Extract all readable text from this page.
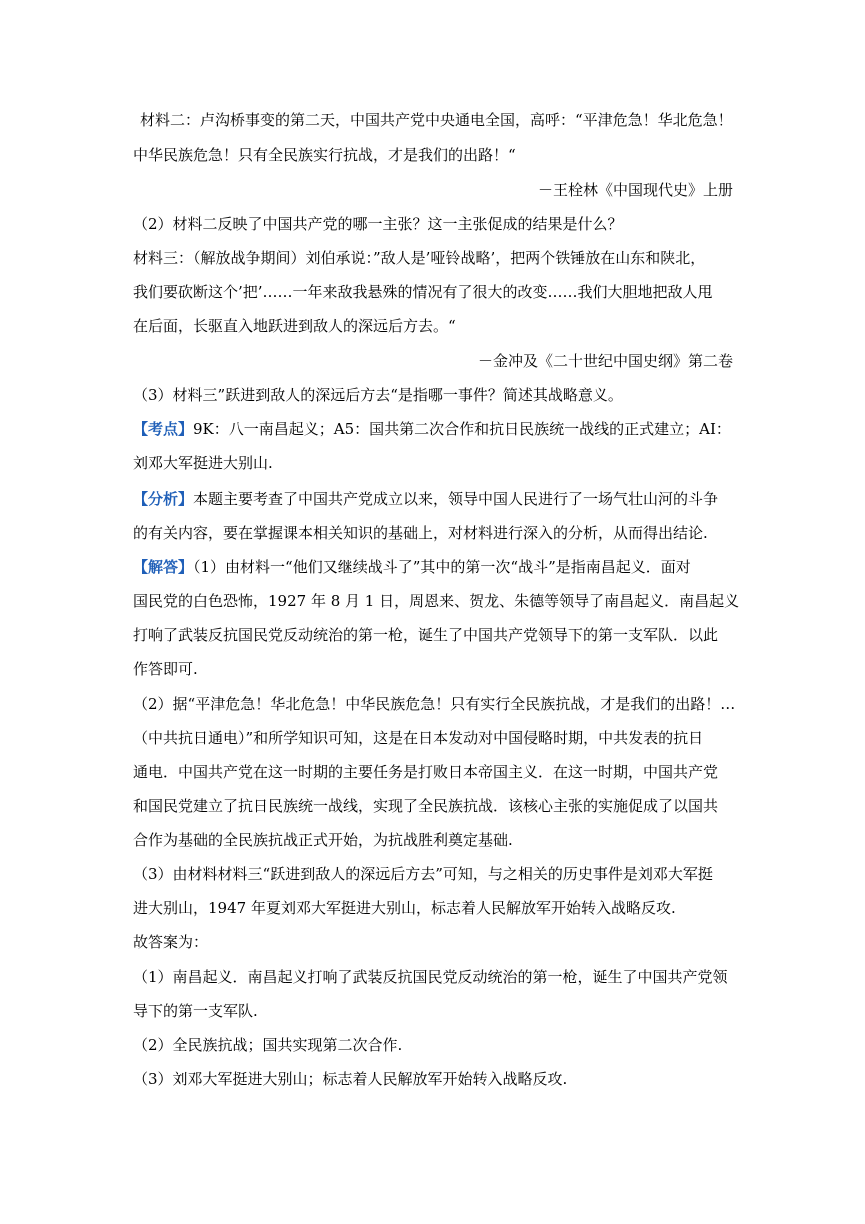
材料二：卢沟桥事变的第二天，中国共产党中央通电全国，高呼：“平津危急！华北危急！
中华民族危急！只有全民族实行抗战，才是我们的出路！“
－王栓林《中国现代史》上册
（2）材料二反映了中国共产党的哪一主张？这一主张促成的结果是什么？
材料三：（解放战争期间）刘伯承说：”敌人是’哑铃战略’，把两个铁锤放在山东和陕北，
我们要砍断这个’把’……一年来敌我悬殊的情况有了很大的改变……我们大胆地把敌人甩
在后面，长驱直入地跃进到敌人的深远后方去。“
－金冲及《二十世纪中国史纲》第二卷
（3）材料三”跃进到敌人的深远后方去“是指哪一事件？简述其战略意义。
【考点】9K：八一南昌起义；A5：国共第二次合作和抗日民族统一战线的正式建立；AI：
刘邓大军挺进大别山.
【分析】本题主要考查了中国共产党成立以来，领导中国人民进行了一场气壮山河的斗争
的有关内容，要在掌握课本相关知识的基础上，对材料进行深入的分析，从而得出结论.
【解答】（1）由材料一“他们又继续战斗了”其中的第一次“战斗”是指南昌起义．面对
国民党的白色恐怖，1927 年 8 月 1 日，周恩来、贺龙、朱德等领导了南昌起义．南昌起义
打响了武装反抗国民党反动统治的第一枪，诞生了中国共产党领导下的第一支军队．以此
作答即可.
（2）据“平津危急！华北危急！中华民族危急！只有实行全民族抗战，才是我们的出路！…
（中共抗日通电）”和所学知识可知，这是在日本发动对中国侵略时期，中共发表的抗日
通电．中国共产党在这一时期的主要任务是打败日本帝国主义．在这一时期，中国共产党
和国民党建立了抗日民族统一战线，实现了全民族抗战．该核心主张的实施促成了以国共
合作为基础的全民族抗战正式开始，为抗战胜利奠定基础.
（3）由材料材料三“跃进到敌人的深远后方去”可知，与之相关的历史事件是刘邓大军挺
进大别山，1947 年夏刘邓大军挺进大别山，标志着人民解放军开始转入战略反攻.
故答案为：
（1）南昌起义．南昌起义打响了武装反抗国民党反动统治的第一枪，诞生了中国共产党领
导下的第一支军队.
（2）全民族抗战；国共实现第二次合作.
（3）刘邓大军挺进大别山；标志着人民解放军开始转入战略反攻.
